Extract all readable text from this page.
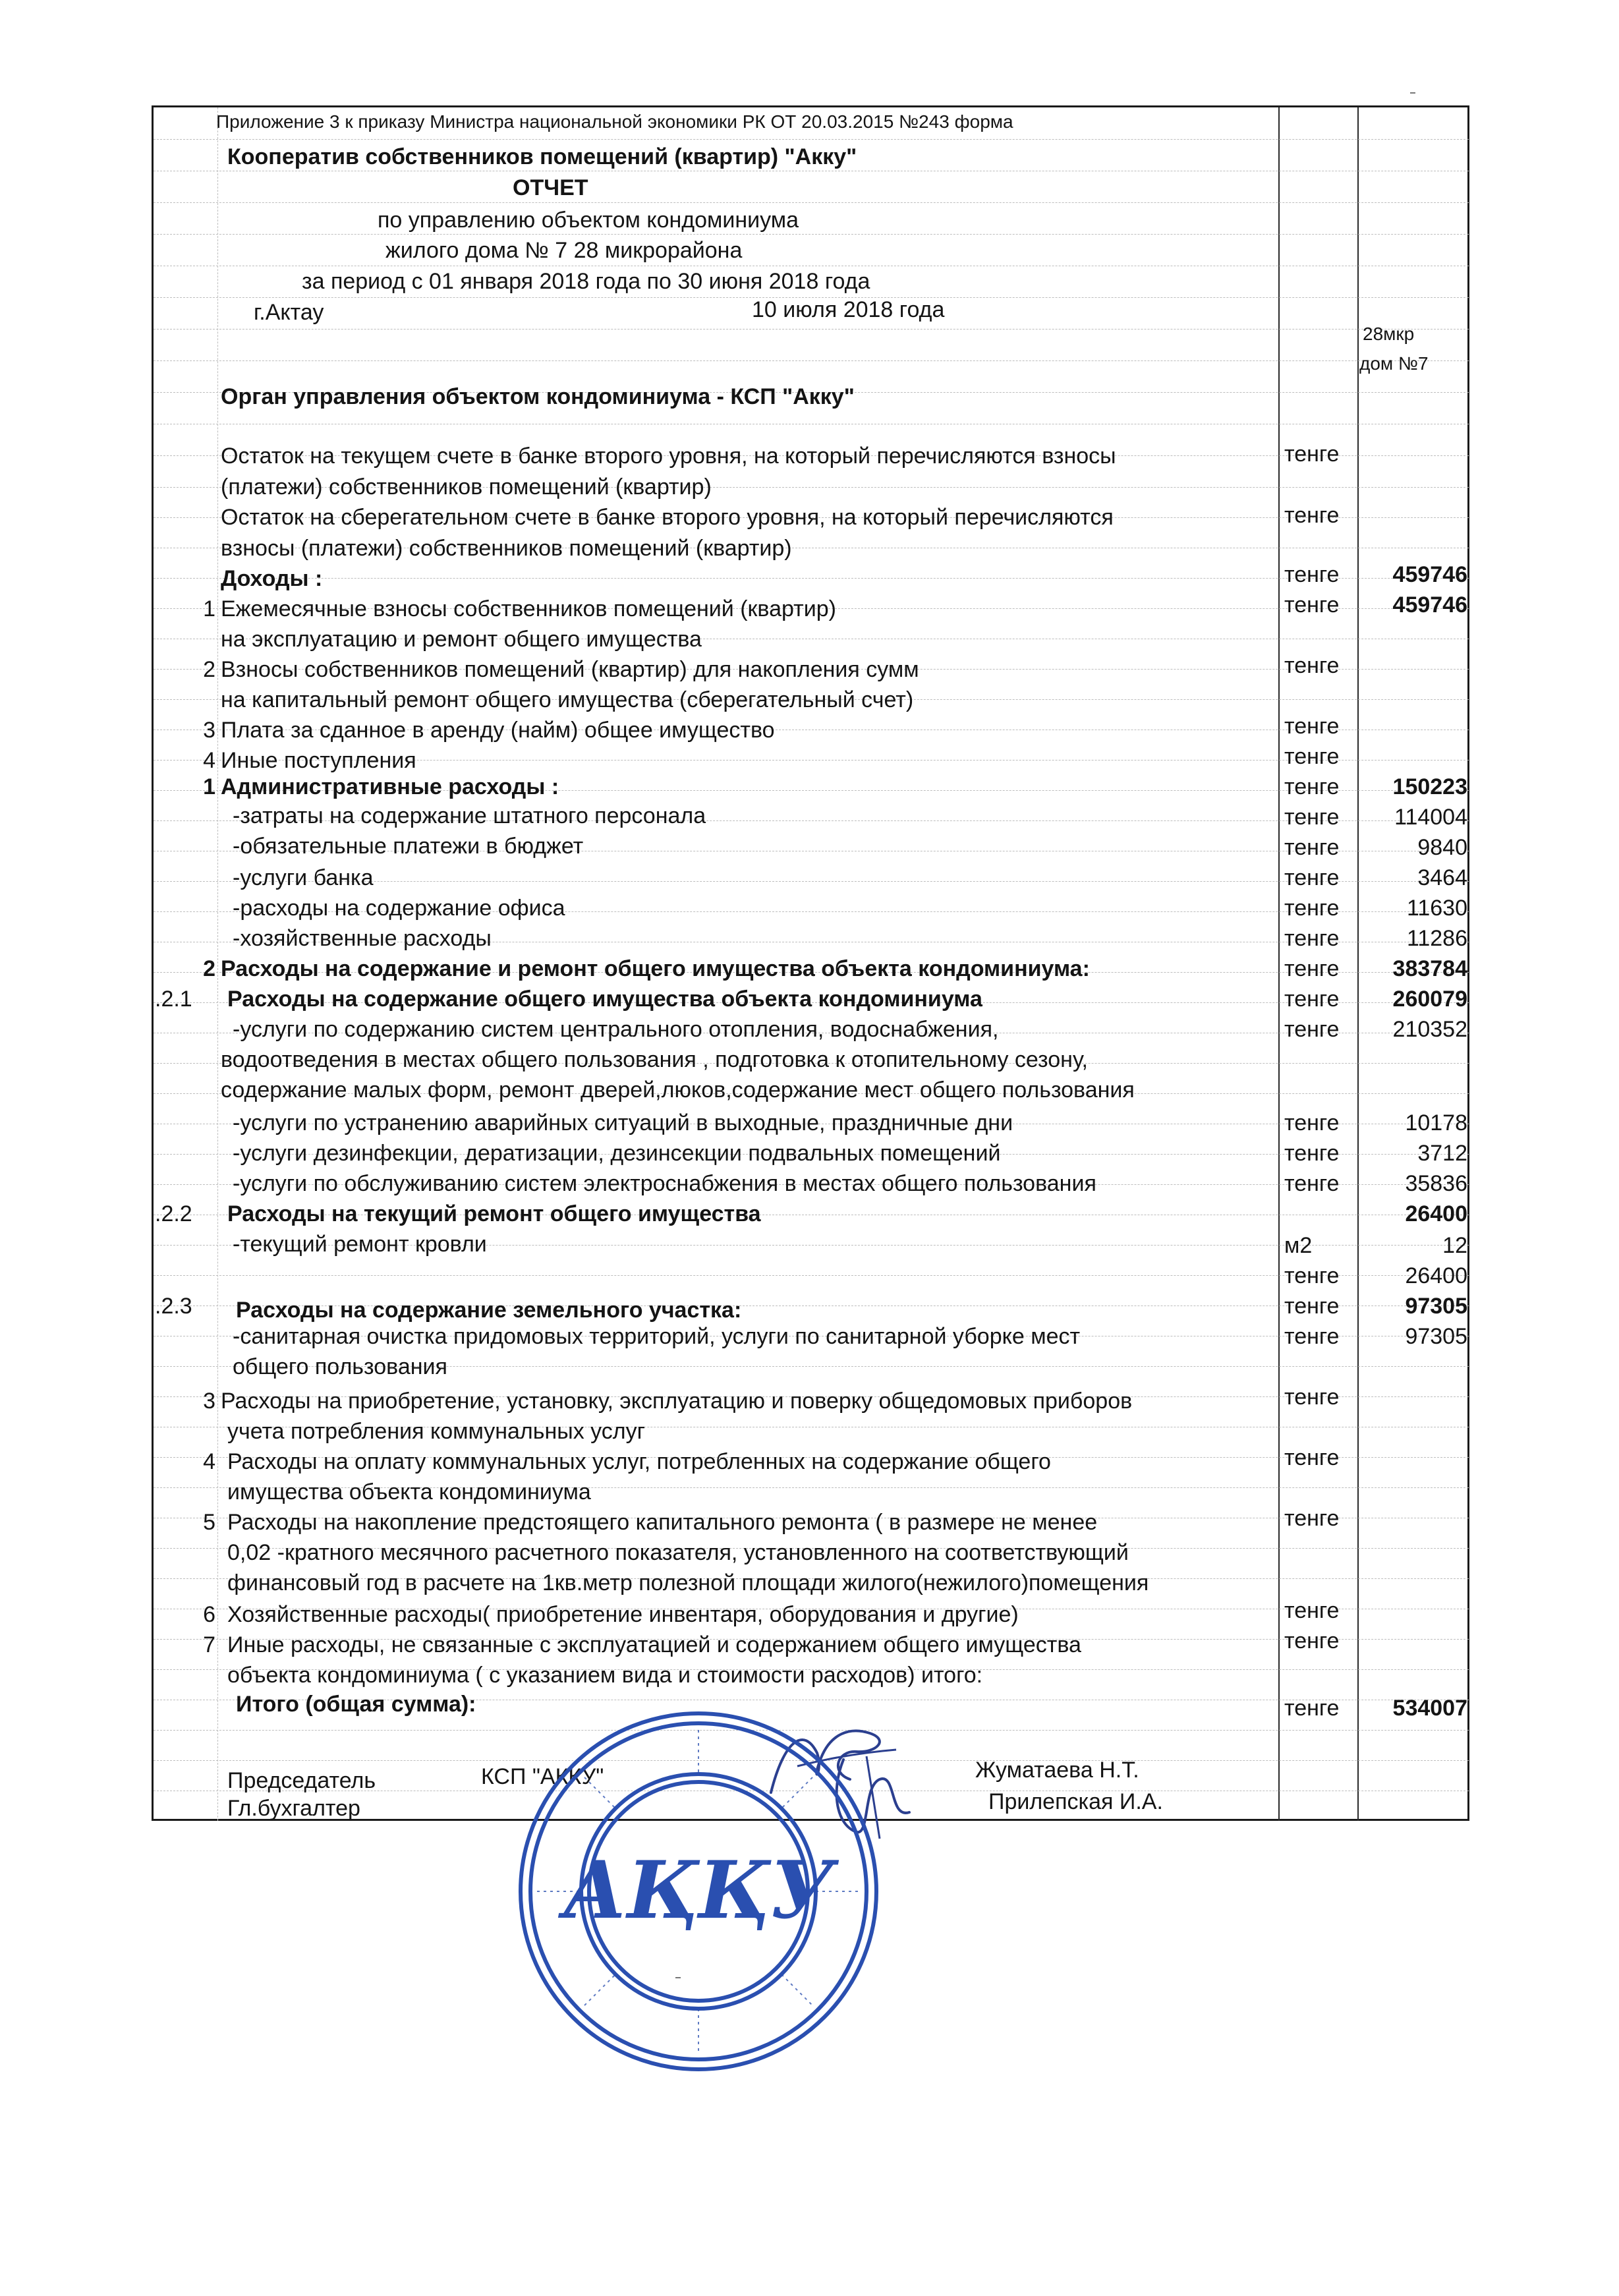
Приложение 3 к приказу Министра национальной экономики РК ОТ 20.03.2015 №243 форма
Кооператив собственников помещений (квартир) "Акку"
ОТЧЕТ
по управлению объектом кондоминиума
жилого дома № 7 28 микрорайона
за период с 01 января 2018 года по 30 июня 2018 года
г.Актау	10 июля 2018 года
28мкр
дом №7
Орган управления объектом кондоминиума - КСП "Акку"
Остаток на текущем счете в банке второго уровня, на который перечисляются взносы
(платежи) собственников помещений (квартир)
тенге
Остаток на сберегательном счете в банке второго уровня, на который перечисляются
взносы (платежи) собственников помещений (квартир)
тенге
Доходы :	тенге	459746
1 Ежемесячные взносы собственников помещений (квартир)
на эксплуатацию и ремонт общего имущества
тенге	459746
2 Взносы собственников помещений (квартир) для накопления сумм
на капитальный ремонт общего имущества (сберегательный счет)
тенге
3 Плата за сданное в аренду (найм) общее имущество	тенге
4 Иные поступления	тенге
1 Административные расходы :	тенге	150223
-затраты на содержание штатного персонала	тенге	114004
-обязательные платежи в бюджет	тенге	9840
-услуги банка	тенге	3464
-расходы на содержание офиса	тенге	11630
-хозяйственные расходы	тенге	11286
2 Расходы на содержание и ремонт общего имущества объекта кондоминиума:	тенге	383784
.2.1 Расходы на содержание общего имущества объекта кондоминиума	тенге	260079
-услуги по содержанию систем центрального отопления, водоснабжения,
водоотведения в местах общего пользования , подготовка к отопительному сезону,
содержание малых форм, ремонт дверей,люков,содержание мест общего пользования
тенге	210352
-услуги по устранению аварийных ситуаций в выходные, праздничные дни	тенге	10178
-услуги дезинфекции, дератизации, дезинсекции подвальных помещений	тенге	3712
-услуги по обслуживанию систем электроснабжения в местах общего пользования	тенге	35836
.2.2 Расходы на текущий ремонт общего имущества	26400
-текущий ремонт кровли	м2	12
тенге	26400
.2.3 Расходы на содержание земельного участка:	тенге	97305
-санитарная очистка придомовых территорий, услуги по санитарной уборке мест
общего пользования
тенге	97305
3 Расходы на приобретение, установку, эксплуатацию и поверку общедомовых приборов
учета потребления коммунальных услуг
тенге
4 Расходы на оплату коммунальных услуг, потребленных на содержание общего
имущества объекта кондоминиума
тенге
5 Расходы на накопление предстоящего капитального ремонта ( в размере не менее
0,02 -кратного месячного расчетного показателя, установленного на соответствующий
финансовый год в расчете на 1кв.метр полезной площади жилого(нежилого)помещения
тенге
6 Хозяйственные расходы( приобретение инвентаря, оборудования и другие)	тенге
7 Иные расходы, не связанные с эксплуатацией и содержанием общего имущества
объекта кондоминиума ( с указанием вида и стоимости расходов) итого:
тенге
Итого (общая сумма):	тенге	534007
Председатель	КСП "АККУ"	Жуматаева Н.Т.
Гл.бухгалтер	Прилепская И.А.
АҚҚУ
